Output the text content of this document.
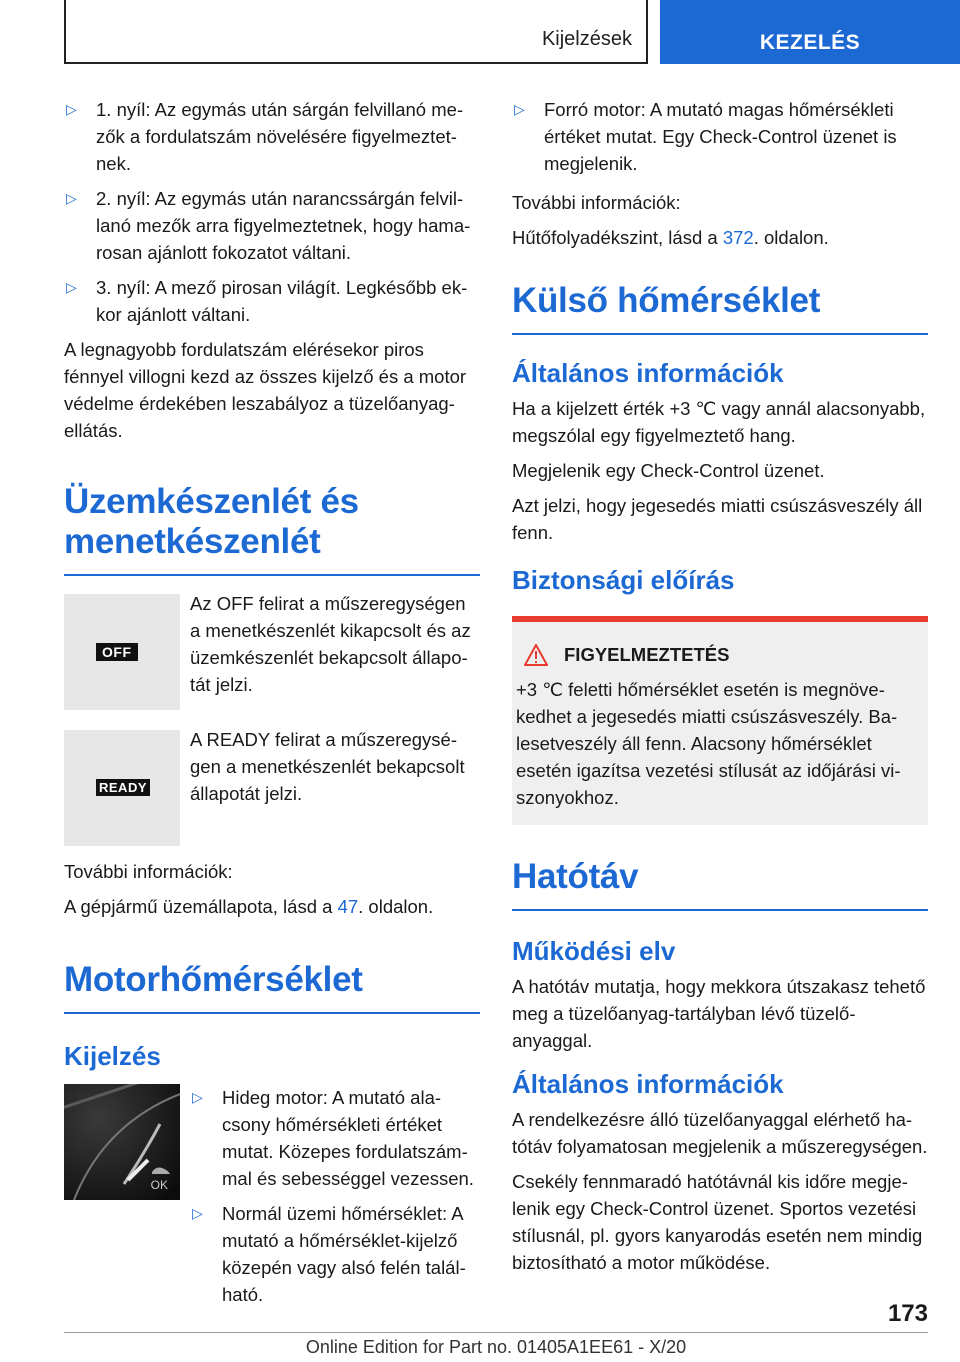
Kijelzések	KEZELÉS
▷	1. nyíl: Az egymás után sárgán felvillanó mezők a fordulatszám növelésére figyelmeztetnek.
▷	2. nyíl: Az egymás után narancssárgán felvillanó mezők arra figyelmeztetnek, hogy hamarosan ajánlott fokozatot váltani.
▷	3. nyíl: A mező pirosan világít. Legkésőbb ekkor ajánlott váltani.

A legnagyobb fordulatszám elérésekor piros fénnyel villogni kezd az összes kijelző és a motor védelme érdekében leszabályoz a tüzelőanyagellátás.

Üzemkészenlét és menetkészenlét
OFF
Az OFF felirat a műszeregységen a menetkészenlét kikapcsolt és az üzemkészenlét bekapcsolt állapotát jelzi.
READY
A READY felirat a műszeregységen a menetkészenlét bekapcsolt állapotát jelzi.

További információk:

A gépjármű üzemállapota, lásd a 47. oldalon.

Motorhőmérséklet
Kijelzés
OK
▷	Hideg motor: A mutató alacsony hőmérsékleti értéket mutat. Közepes fordulatszámmal és sebességgel vezessen.
▷	Normál üzemi hőmérséklet: A mutató a hőmérséklet-kijelző közepén vagy alsó felén található.
▷	Forró motor: A mutató magas hőmérsékleti értéket mutat. Egy Check-Control üzenet is megjelenik.

További információk:

Hűtőfolyadékszint, lásd a 372. oldalon.

Külső hőmérséklet
Általános információk

Ha a kijelzett érték +3 ℃ vagy annál alacsonyabb, megszólal egy figyelmeztető hang.

Megjelenik egy Check-Control üzenet.

Azt jelzi, hogy jegesedés miatti csúszásveszély áll fenn.

Biztonsági előírás
FIGYELMEZTETÉS

+3 ℃ feletti hőmérséklet esetén is megnövekedhet a jegesedés miatti csúszásveszély. Balesetveszély áll fenn. Alacsony hőmérséklet esetén igazítsa vezetési stílusát az időjárási viszonyokhoz.

Hatótáv
Működési elv

A hatótáv mutatja, hogy mekkora útszakasz tehető meg a tüzelőanyag-tartályban lévő tüzelőanyaggal.

Általános információk

A rendelkezésre álló tüzelőanyaggal elérhető hatótáv folyamatosan megjelenik a műszeregységen.

Csekély fennmaradó hatótávnál kis időre megjelenik egy Check-Control üzenet. Sportos vezetési stílusnál, pl. gyors kanyarodás esetén nem mindig biztosítható a motor működése.

173
Online Edition for Part no. 01405A1EE61 - X/20
